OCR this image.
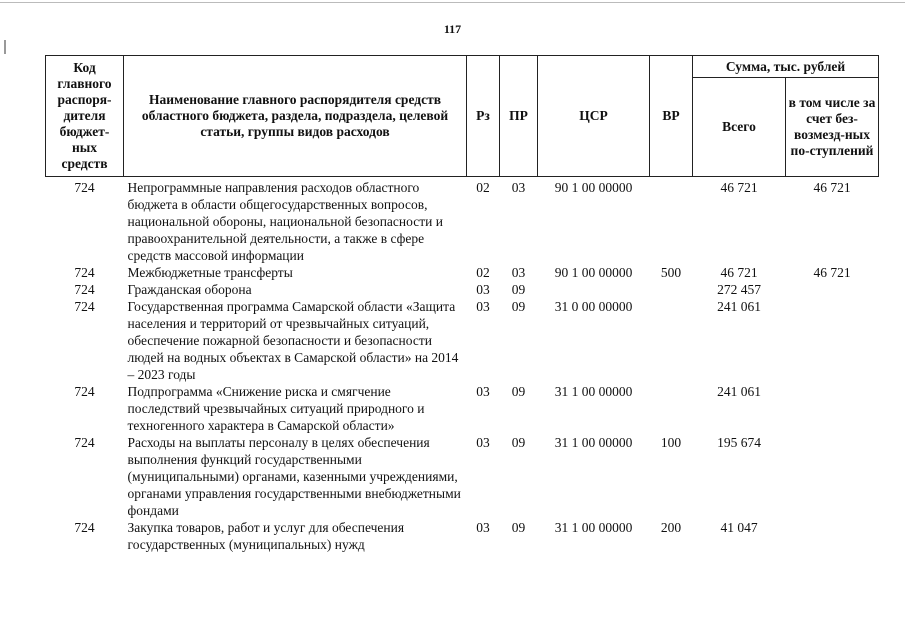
117
Код главного распоря-дителя бюджет-ных средств	Наименование главного распорядителя средств областного бюджета, раздела, подраздела, целевой статьи, группы видов расходов	Рз	ПР	ЦСР	ВР	Сумма, тыс. рублей	
						Всего	в том числе за счет без-возмезд-ных по-ступлений
724	Непрограммные направления расходов областного бюджета в области общегосударственных вопросов, национальной обороны, национальной безопасности и правоохранительной деятельности, а также в сфере средств массовой информации	02	03	90 1 00 00000		46 721	46 721
724	Межбюджетные трансферты	02	03	90 1 00 00000	500	46 721	46 721
724	Гражданская оборона	03	09			272 457	
724	Государственная программа Самарской области «Защита населения и территорий от чрезвычайных ситуаций, обеспечение пожарной безопасности и безопасности людей на водных объектах в Самарской области» на 2014 – 2023 годы	03	09	31 0 00 00000		241 061	
724	Подпрограмма «Снижение риска и смягчение последствий чрезвычайных ситуаций природного и техногенного характера в Самарской области»	03	09	31 1 00 00000		241 061	
724	Расходы на выплаты персоналу в целях обеспечения выполнения функций государственными (муниципальными) органами, казенными учреждениями, органами управления государственными внебюджетными фондами	03	09	31 1 00 00000	100	195 674	
724	Закупка товаров, работ и услуг для обеспечения государственных (муниципальных) нужд	03	09	31 1 00 00000	200	41 047	
